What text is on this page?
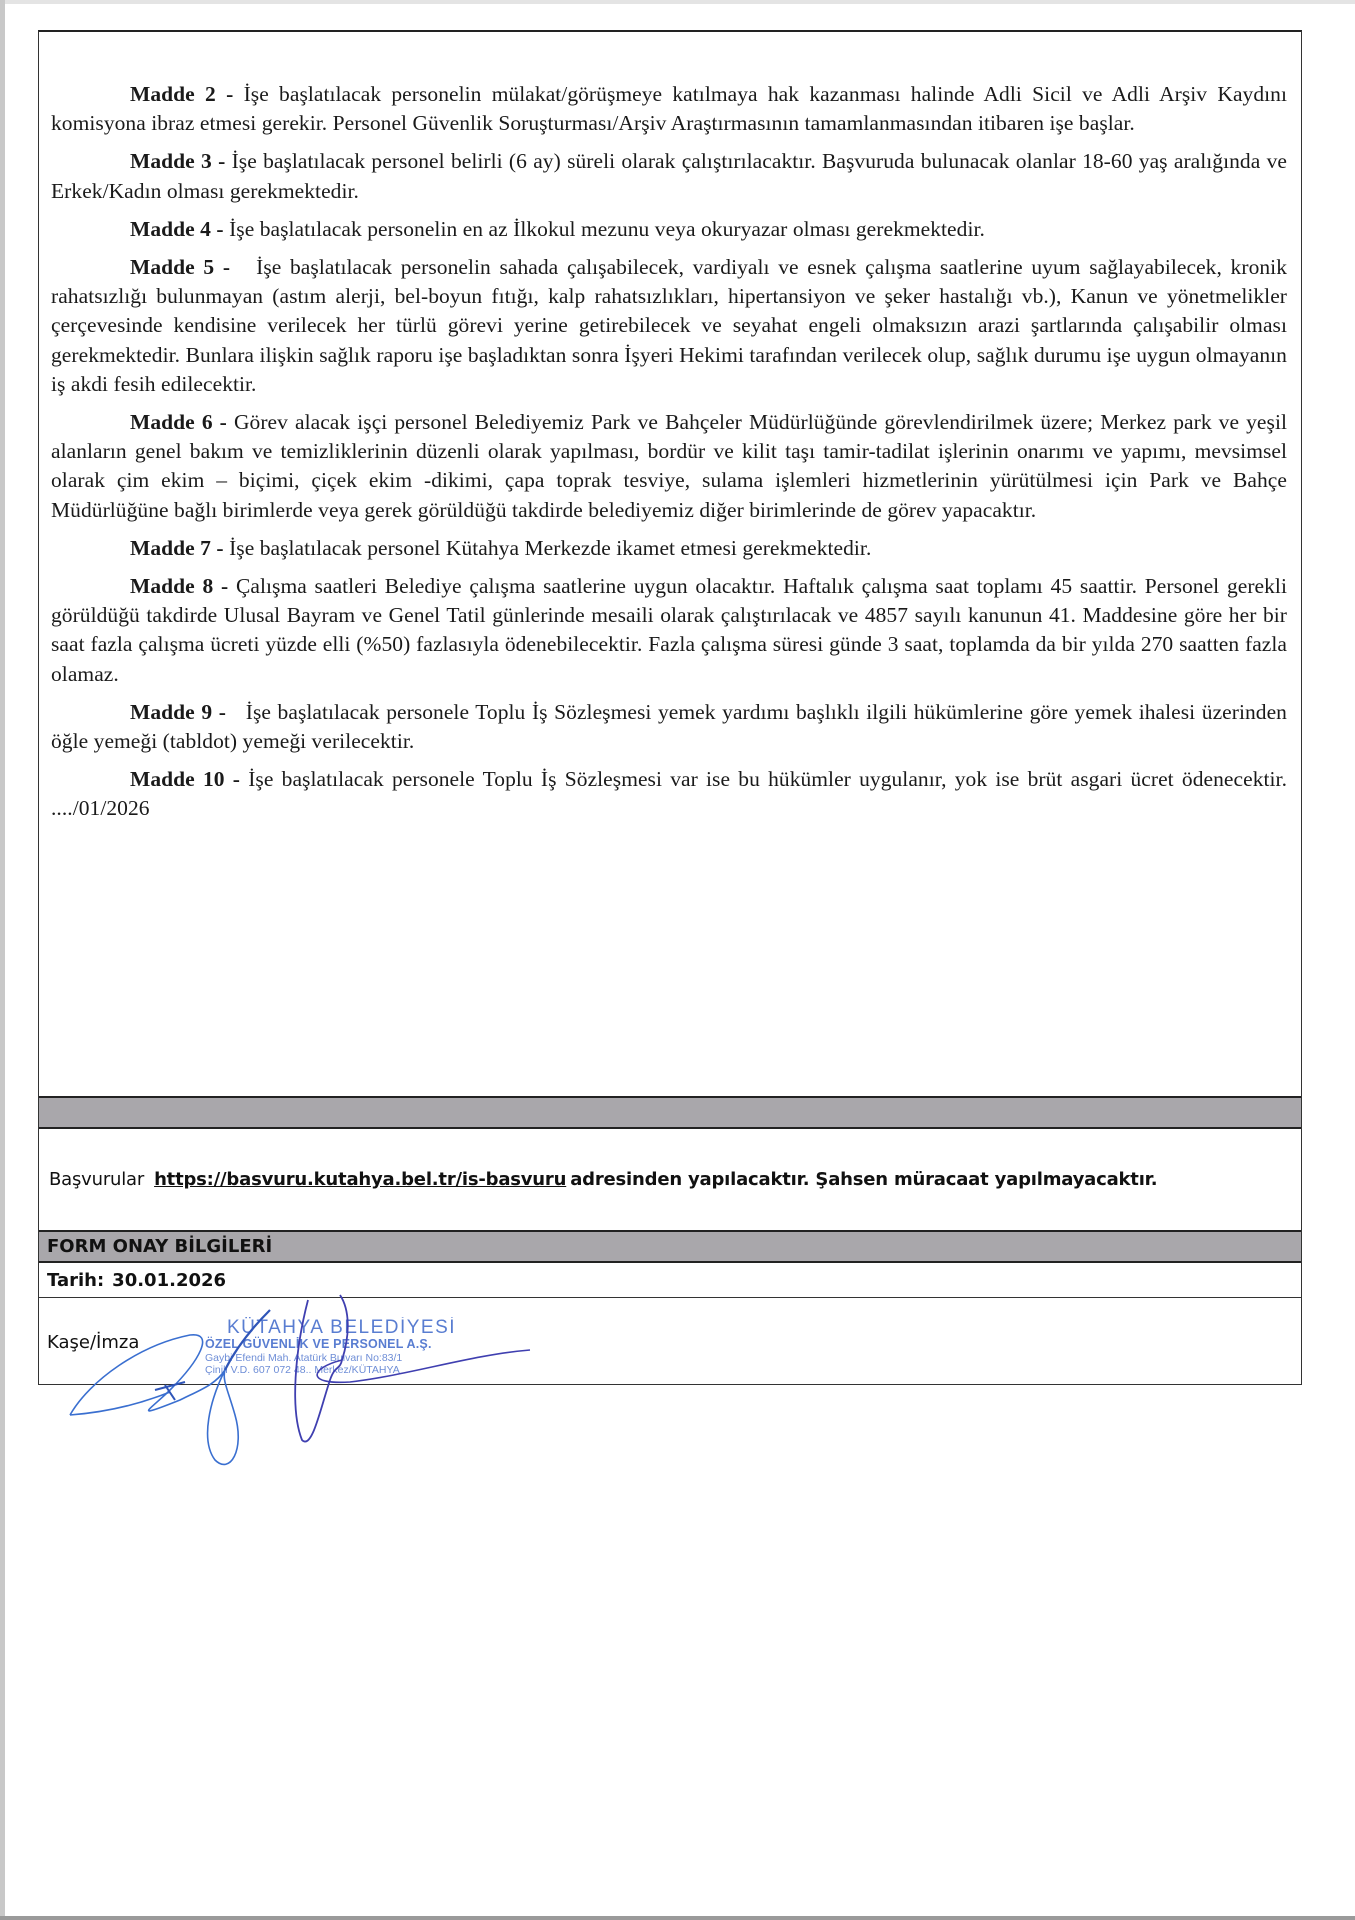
Madde 2 - İşe başlatılacak personelin mülakat/görüşmeye katılmaya hak kazanması halinde Adli Sicil ve Adli Arşiv Kaydını komisyona ibraz etmesi gerekir. Personel Güvenlik Soruşturması/Arşiv Araştırmasının tamamlanmasından itibaren işe başlar.

Madde 3 - İşe başlatılacak personel belirli (6 ay) süreli olarak çalıştırılacaktır. Başvuruda bulunacak olanlar 18-60 yaş aralığında ve Erkek/Kadın olması gerekmektedir.

Madde 4 - İşe başlatılacak personelin en az İlkokul mezunu veya okuryazar olması gerekmektedir.

Madde 5 - İşe başlatılacak personelin sahada çalışabilecek, vardiyalı ve esnek çalışma saatlerine uyum sağlayabilecek, kronik rahatsızlığı bulunmayan (astım alerji, bel-boyun fıtığı, kalp rahatsızlıkları, hipertansiyon ve şeker hastalığı vb.), Kanun ve yönetmelikler çerçevesinde kendisine verilecek her türlü görevi yerine getirebilecek ve seyahat engeli olmaksızın arazi şartlarında çalışabilir olması gerekmektedir. Bunlara ilişkin sağlık raporu işe başladıktan sonra İşyeri Hekimi tarafından verilecek olup, sağlık durumu işe uygun olmayanın iş akdi fesih edilecektir.

Madde 6 - Görev alacak işçi personel Belediyemiz Park ve Bahçeler Müdürlüğünde görevlendirilmek üzere; Merkez park ve yeşil alanların genel bakım ve temizliklerinin düzenli olarak yapılması, bordür ve kilit taşı tamir-tadilat işlerinin onarımı ve yapımı, mevsimsel olarak çim ekim – biçimi, çiçek ekim -dikimi, çapa toprak tesviye, sulama işlemleri hizmetlerinin yürütülmesi için Park ve Bahçe Müdürlüğüne bağlı birimlerde veya gerek görüldüğü takdirde belediyemiz diğer birimlerinde de görev yapacaktır.

Madde 7 - İşe başlatılacak personel Kütahya Merkezde ikamet etmesi gerekmektedir.

Madde 8 - Çalışma saatleri Belediye çalışma saatlerine uygun olacaktır. Haftalık çalışma saat toplamı 45 saattir. Personel gerekli görüldüğü takdirde Ulusal Bayram ve Genel Tatil günlerinde mesaili olarak çalıştırılacak ve 4857 sayılı kanunun 41. Maddesine göre her bir saat fazla çalışma ücreti yüzde elli (%50) fazlasıyla ödenebilecektir. Fazla çalışma süresi günde 3 saat, toplamda da bir yılda 270 saatten fazla olamaz.

Madde 9 - İşe başlatılacak personele Toplu İş Sözleşmesi yemek yardımı başlıklı ilgili hükümlerine göre yemek ihalesi üzerinden öğle yemeği (tabldot) yemeği verilecektir.

Madde 10 - İşe başlatılacak personele Toplu İş Sözleşmesi var ise bu hükümler uygulanır, yok ise brüt asgari ücret ödenecektir. ..../01/2026

Başvurular https://basvuru.kutahya.bel.tr/is-basvuru adresinden yapılacaktır. Şahsen müracaat yapılmayacaktır.
FORM ONAY BİLGİLERİ
Tarih: 30.01.2026
Kaşe/İmza
KÜTAHYA BELEDİYESİ
ÖZEL GÜVENLİK VE PERSONEL A.Ş.
Gaybi Efendi Mah. Atatürk Bulvarı No:83/1
Çinili V.D. 607 072 48.. Merkez/KÜTAHYA
